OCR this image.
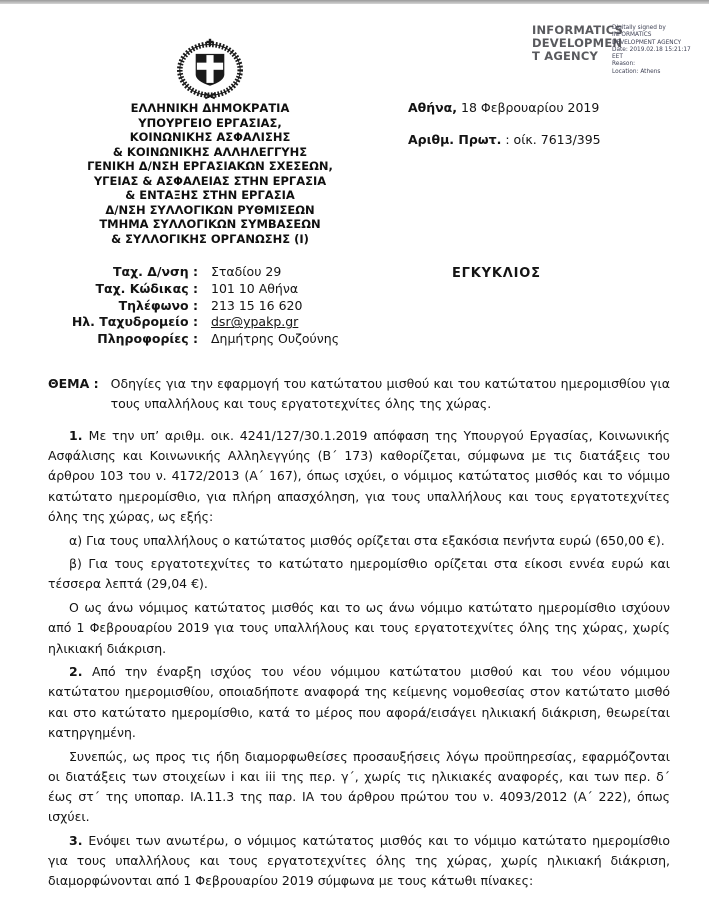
INFORMATICS
DEVELOPMEN
T AGENCY
Digitally signed by
INFORMATICS
DEVELOPMENT AGENCY
Date: 2019.02.18 15:21:17
EET
Reason:
Location: Athens
ΕΛΛΗΝΙΚΗ ΔΗΜΟΚΡΑΤΙΑ
ΥΠΟΥΡΓΕΙΟ ΕΡΓΑΣΙΑΣ,
ΚΟΙΝΩΝΙΚΗΣ ΑΣΦΑΛΙΣΗΣ
& ΚΟΙΝΩΝΙΚΗΣ ΑΛΛΗΛΕΓΓΥΗΣ
ΓΕΝΙΚΗ Δ/ΝΣΗ ΕΡΓΑΣΙΑΚΩΝ ΣΧΕΣΕΩΝ,
ΥΓΕΙΑΣ & ΑΣΦΑΛΕΙΑΣ ΣΤΗΝ ΕΡΓΑΣΙΑ
& ΕΝΤΑΞΗΣ ΣΤΗΝ ΕΡΓΑΣΙΑ
Δ/ΝΣΗ ΣΥΛΛΟΓΙΚΩΝ ΡΥΘΜΙΣΕΩΝ
ΤΜΗΜΑ ΣΥΛΛΟΓΙΚΩΝ ΣΥΜΒΑΣΕΩΝ
& ΣΥΛΛΟΓΙΚΗΣ ΟΡΓΑΝΩΣΗΣ (Ι)
Αθήνα, 18 Φεβρουαρίου 2019
Αριθμ. Πρωτ. : οίκ. 7613/395
Ταχ. Δ/νση : Σταδίου 29
Ταχ. Κώδικας : 101 10 Αθήνα
Τηλέφωνο : 213 15 16 620
Ηλ. Ταχυδρομείο : dsr@ypakp.gr
Πληροφορίες : Δημήτρης Ουζούνης
ΕΓΚΥΚΛΙΟΣ
ΘΕΜΑ : Οδηγίες για την εφαρμογή του κατώτατου μισθού και του κατώτατου ημερομισθίου για τους υπαλλήλους και τους εργατοτεχνίτες όλης της χώρας.

1. Με την υπ’ αριθμ. οικ. 4241/127/30.1.2019 απόφαση της Υπουργού Εργασίας, Κοινωνικής Ασφάλισης και Κοινωνικής Αλληλεγγύης (Β΄ 173) καθορίζεται, σύμφωνα με τις διατάξεις του άρθρου 103 του ν. 4172/2013 (Α΄ 167), όπως ισχύει, ο νόμιμος κατώτατος μισθός και το νόμιμο κατώτατο ημερομίσθιο, για πλήρη απασχόληση, για τους υπαλλήλους και τους εργατοτεχνίτες όλης της χώρας, ως εξής:

α) Για τους υπαλλήλους ο κατώτατος μισθός ορίζεται στα εξακόσια πενήντα ευρώ (650,00 €).

β) Για τους εργατοτεχνίτες το κατώτατο ημερομίσθιο ορίζεται στα είκοσι εννέα ευρώ και τέσσερα λεπτά (29,04 €).

Ο ως άνω νόμιμος κατώτατος μισθός και το ως άνω νόμιμο κατώτατο ημερομίσθιο ισχύουν από 1 Φεβρουαρίου 2019 για τους υπαλλήλους και τους εργατοτεχνίτες όλης της χώρας, χωρίς ηλικιακή διάκριση.

2. Από την έναρξη ισχύος του νέου νόμιμου κατώτατου μισθού και του νέου νόμιμου κατώτατου ημερομισθίου, οποιαδήποτε αναφορά της κείμενης νομοθεσίας στον κατώτατο μισθό και στο κατώτατο ημερομίσθιο, κατά το μέρος που αφορά/εισάγει ηλικιακή διάκριση, θεωρείται κατηργημένη.

Συνεπώς, ως προς τις ήδη διαμορφωθείσες προσαυξήσεις λόγω προϋπηρεσίας, εφαρμόζονται οι διατάξεις των στοιχείων i και iii της περ. γ΄, χωρίς τις ηλικιακές αναφορές, και των περ. δ΄ έως στ΄ της υποπαρ. ΙΑ.11.3 της παρ. ΙΑ του άρθρου πρώτου του ν. 4093/2012 (Α΄ 222), όπως ισχύει.

3. Ενόψει των ανωτέρω, ο νόμιμος κατώτατος μισθός και το νόμιμο κατώτατο ημερομίσθιο για τους υπαλλήλους και τους εργατοτεχνίτες όλης της χώρας, χωρίς ηλικιακή διάκριση, διαμορφώνονται από 1 Φεβρουαρίου 2019 σύμφωνα με τους κάτωθι πίνακες:
